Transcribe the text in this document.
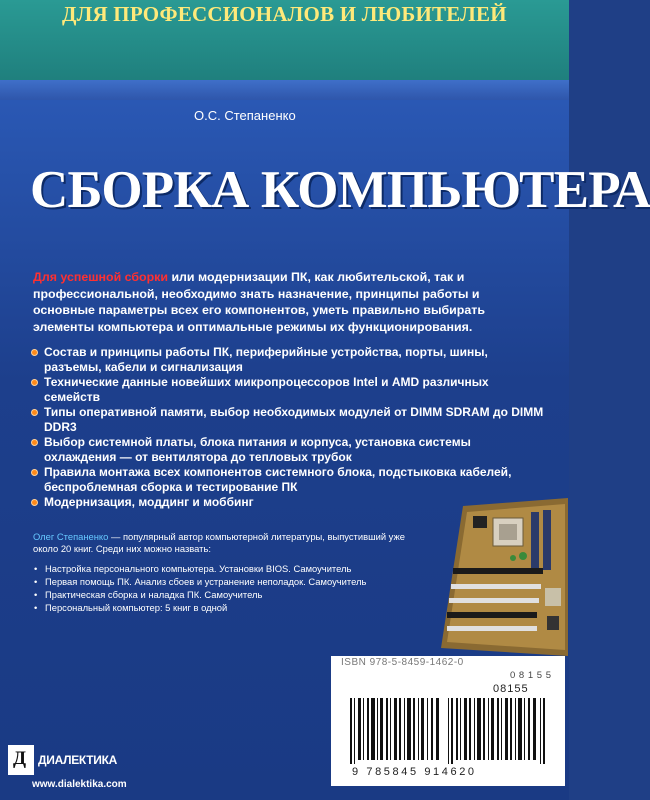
ДЛЯ ПРОФЕССИОНАЛОВ И ЛЮБИТЕЛЕЙ
О.С. Степаненко
СБОРКА КОМПЬЮТЕРА
Для успешной сборки или модернизации ПК, как любительской, так и профессиональной, необходимо знать назначение, принципы работы и основные параметры всех его компонентов, уметь правильно выбирать элементы компьютера и оптимальные режимы их функционирования.
Состав и принципы работы ПК, периферийные устройства, порты, шины, разъемы, кабели и сигнализация
Технические данные новейших микропроцессоров Intel и AMD различных семейств
Типы оперативной памяти, выбор необходимых модулей от DIMM SDRAM до DIMM DDR3
Выбор системной платы, блока питания и корпуса, установка системы охлаждения — от вентилятора до тепловых трубок
Правила монтажа всех компонентов системного блока, подстыковка кабелей, беспроблемная сборка и тестирование ПК
Модернизация, моддинг и моббинг
Олег Степаненко — популярный автор компьютерной литературы, выпустивший уже около 20 книг. Среди них можно назвать:
• Настройка персонального компьютера. Установки BIOS. Самоучитель
• Первая помощь ПК. Анализ сбоев и устранение неполадок. Самоучитель
• Практическая сборка и наладка ПК. Самоучитель
• Персональный компьютер: 5 книг в одной
ISBN 978-5-8459-1462-0
0 8 1 5 5
08155
9 785845 914620
Д ДИАЛЕКТИКА
www.dialektika.com
